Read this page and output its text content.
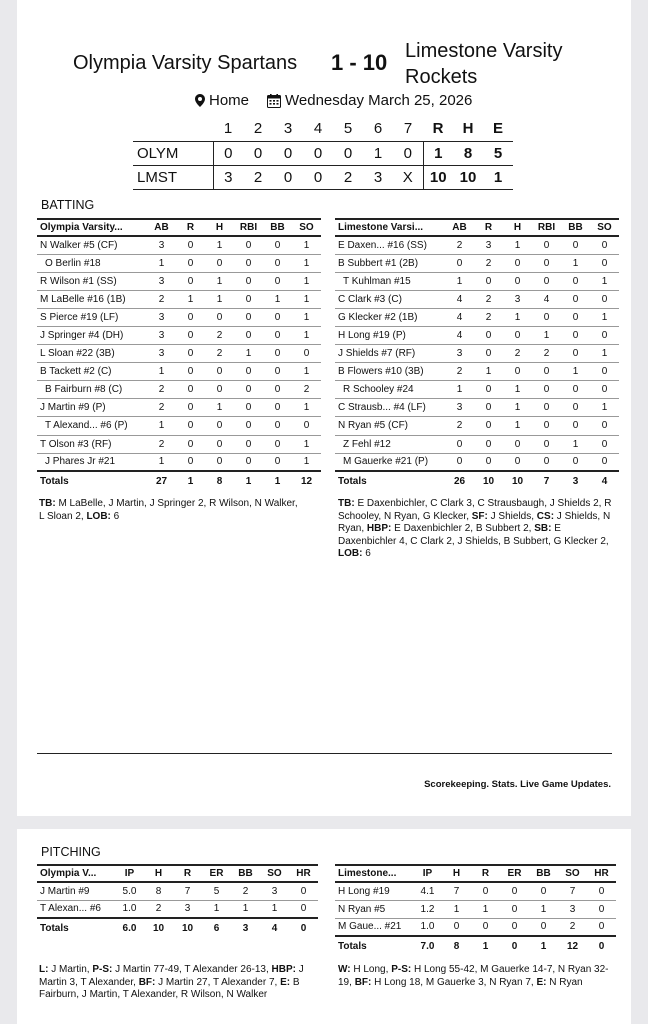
Olympia Varsity Spartans 1 - 10 Limestone Varsity
Rockets
Home Wednesday March 25, 2026
	1	2	3	4	5	6	7	R	H	E
OLYM	0	0	0	0	0	1	0	1	8	5
LMST	3	2	0	0	2	3	X	10	10	1
BATTING
Olympia Varsity...	AB	R	H	RBI	BB	SO
N Walker #5 (CF)	3	0	1	0	0	1
O Berlin #18	1	0	0	0	0	1
R Wilson #1 (SS)	3	0	1	0	0	1
M LaBelle #16 (1B)	2	1	1	0	1	1
S Pierce #19 (LF)	3	0	0	0	0	1
J Springer #4 (DH)	3	0	2	0	0	1
L Sloan #22 (3B)	3	0	2	1	0	0
B Tackett #2 (C)	1	0	0	0	0	1
B Fairburn #8 (C)	2	0	0	0	0	2
J Martin #9 (P)	2	0	1	0	0	1
T Alexand... #6 (P)	1	0	0	0	0	0
T Olson #3 (RF)	2	0	0	0	0	1
J Phares Jr #21	1	0	0	0	0	1
Totals	27	1	8	1	1	12
Limestone Varsi...	AB	R	H	RBI	BB	SO
E Daxen... #16 (SS)	2	3	1	0	0	0
B Subbert #1 (2B)	0	2	0	0	1	0
T Kuhlman #15	1	0	0	0	0	1
C Clark #3 (C)	4	2	3	4	0	0
G Klecker #2 (1B)	4	2	1	0	0	1
H Long #19 (P)	4	0	0	1	0	0
J Shields #7 (RF)	3	0	2	2	0	1
B Flowers #10 (3B)	2	1	0	0	1	0
R Schooley #24	1	0	1	0	0	0
C Strausb... #4 (LF)	3	0	1	0	0	1
N Ryan #5 (CF)	2	0	1	0	0	0
Z Fehl #12	0	0	0	0	1	0
M Gauerke #21 (P)	0	0	0	0	0	0
Totals	26	10	10	7	3	4
TB: M LaBelle, J Martin, J Springer 2, R Wilson, N Walker, L Sloan 2, LOB: 6
TB: E Daxenbichler, C Clark 3, C Strausbaugh, J Shields 2, R Schooley, N Ryan, G Klecker, SF: J Shields, CS: J Shields, N Ryan, HBP: E Daxenbichler 2, B Subbert 2, SB: E Daxenbichler 4, C Clark 2, J Shields, B Subbert, G Klecker 2, LOB: 6
Scorekeeping. Stats. Live Game Updates.
PITCHING
Olympia V...	IP	H	R	ER	BB	SO	HR
J Martin #9	5.0	8	7	5	2	3	0
T Alexan... #6	1.0	2	3	1	1	1	0
Totals	6.0	10	10	6	3	4	0
Limestone...	IP	H	R	ER	BB	SO	HR
H Long #19	4.1	7	0	0	0	7	0
N Ryan #5	1.2	1	1	0	1	3	0
M Gaue... #21	1.0	0	0	0	0	2	0
Totals	7.0	8	1	0	1	12	0
L: J Martin, P-S: J Martin 77-49, T Alexander 26-13, HBP: J Martin 3, T Alexander, BF: J Martin 27, T Alexander 7, E: B Fairburn, J Martin, T Alexander, R Wilson, N Walker
W: H Long, P-S: H Long 55-42, M Gauerke 14-7, N Ryan 32-19, BF: H Long 18, M Gauerke 3, N Ryan 7, E: N Ryan
